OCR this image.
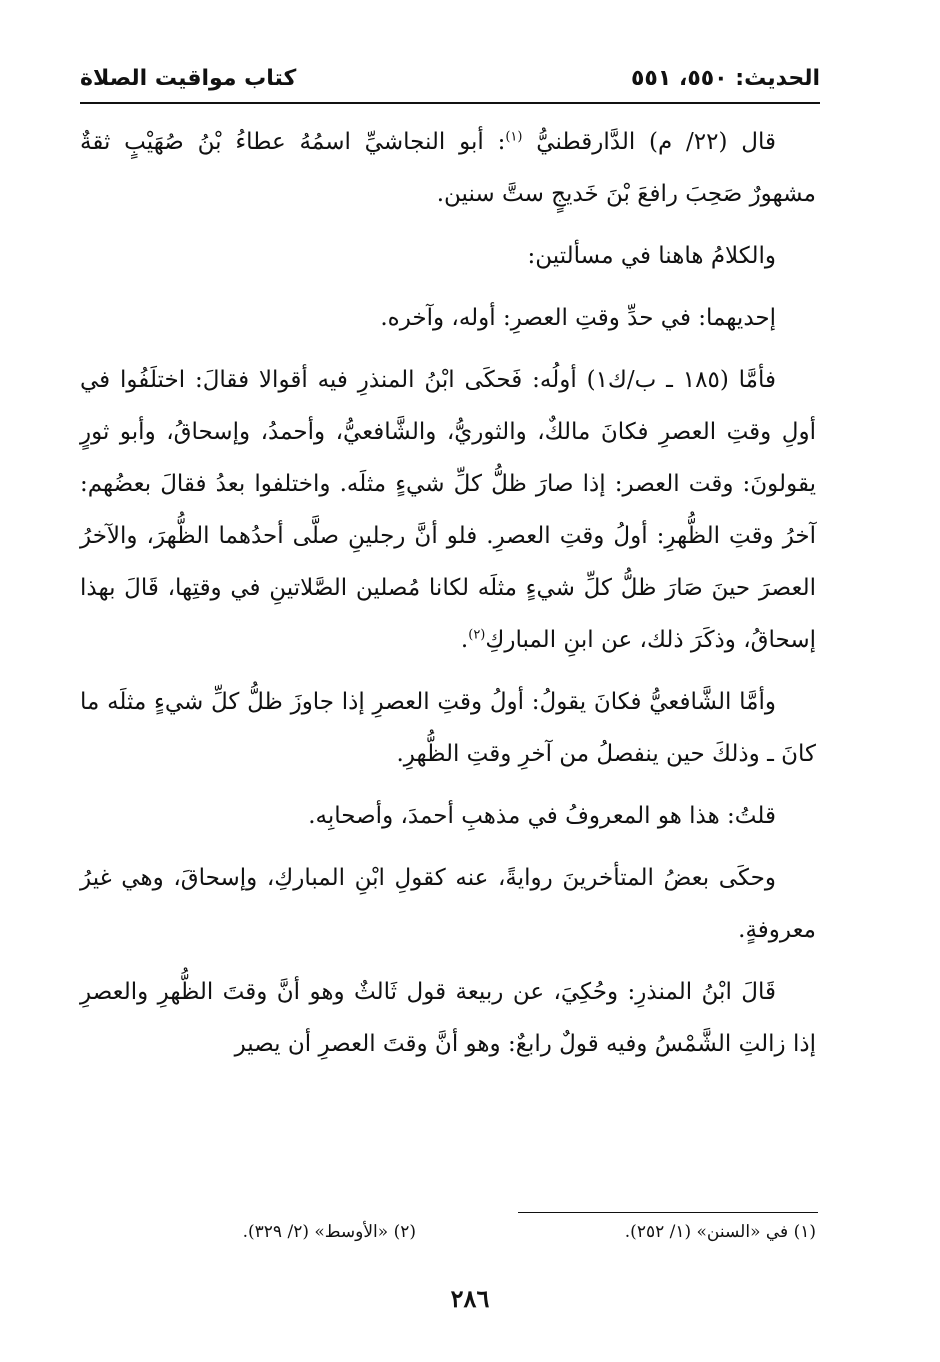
كتاب مواقيت الصلاة	الحديث: ٥٥٠، ٥٥١

قال (٢٢/ م) الدَّارقطنيُّ $^{(١)}$: أبو النجاشيِّ اسمُهُ عطاءُ بْنُ صُهَيْبٍ ثقةٌ مشهورٌ صَحِبَ رافعَ بْنَ خَديجٍ ستَّ سنين.

والكلامُ هاهنا في مسألتين:

إحديهما: في حدِّ وقتِ العصرِ: أوله، وآخره.

فأمَّا (١٨٥ ـ ب/ك١) أولُه: فَحكَى ابْنُ المنذرِ فيه أقوالا فقالَ: اختلَفُوا في أولِ وقتِ العصرِ فكانَ مالكٌ، والثوريُّ، والشَّافعيُّ، وأحمدُ، وإسحاقُ، وأبو ثورٍ يقولونَ: وقت العصر: إذا صارَ ظلُّ كلِّ شيءٍ مثلَه. واختلفوا بعدُ فقالَ بعضُهم: آخرُ وقتِ الظُّهرِ: أولُ وقتِ العصرِ. فلو أنَّ رجلينِ صلَّى أحدُهما الظُّهرَ، والآخرُ العصرَ حينَ صَارَ ظلُّ كلِّ شيءٍ مثلَه لكانا مُصلين الصَّلاتينِ في وقتِها، قَالَ بهذا إسحاقُ، وذكَرَ ذلك، عن ابنِ المباركِ$^{(٢)}$.

وأمَّا الشَّافعيُّ فكانَ يقولُ: أولُ وقتِ العصرِ إذا جاوزَ ظلُّ كلِّ شيءٍ مثلَه ما كانَ ـ وذلكَ حين ينفصلُ من آخرِ وقتِ الظُّهرِ.

قلتُ: هذا هو المعروفُ في مذهبِ أحمدَ، وأصحابِه.

وحكَى بعضُ المتأخرينَ روايةً، عنه كقولِ ابْنِ المباركِ، وإسحاقَ، وهي غيرُ معروفةٍ.

قَالَ ابْنُ المنذرِ: وحُكِيَ، عن ربيعة قول ثَالثٌ وهو أنَّ وقتَ الظُّهرِ والعصرِ إذا زالتِ الشَّمْسُ وفيه قولٌ رابعٌ: وهو أنَّ وقتَ العصرِ أن يصير

(١) في «السنن» (١/ ٢٥٢).
(٢) «الأوسط» (٢/ ٣٢٩).
٢٨٦
